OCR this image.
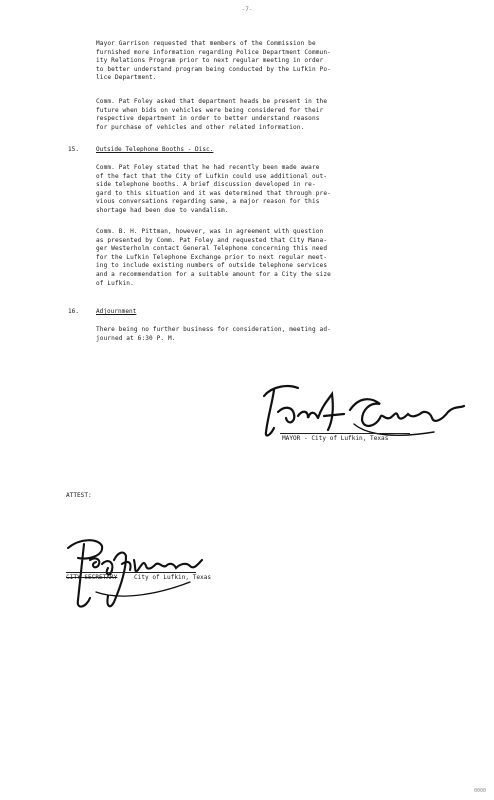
-7-
Mayor Garrison requested that members of the Commission be
furnished more information regarding Police Department Commun-
ity Relations Program prior to next regular meeting in order
to better understand program being conducted by the Lufkin Po-
lice Department.
Comm. Pat Foley asked that department heads be present in the
future when bids on vehicles were being considered for their
respective department in order to better understand reasons
for purchase of vehicles and other related information.
15.	Outside Telephone Booths - Disc.
Comm. Pat Foley stated that he had recently been made aware
of the fact that the City of Lufkin could use additional out-
side telephone booths. A brief discussion developed in re-
gard to this situation and it was determined that through pre-
vious conversations regarding same, a major reason for this
shortage had been due to vandalism.
Comm. B. H. Pittman, however, was in agreement with question
as presented by Comm. Pat Foley and requested that City Mana-
ger Westerholm contact General Telephone concerning this need
for the Lufkin Telephone Exchange prior to next regular meet-
ing to include existing numbers of outside telephone services
and a recommendation for a suitable amount for a City the size
of Lufkin.
16.	Adjournment
There being no further business for consideration, meeting ad-
journed at 6:30 P. M.
MAYOR - City of Lufkin, Texas
ATTEST:
CITY SECRETARY	City of Lufkin, Texas
0000
